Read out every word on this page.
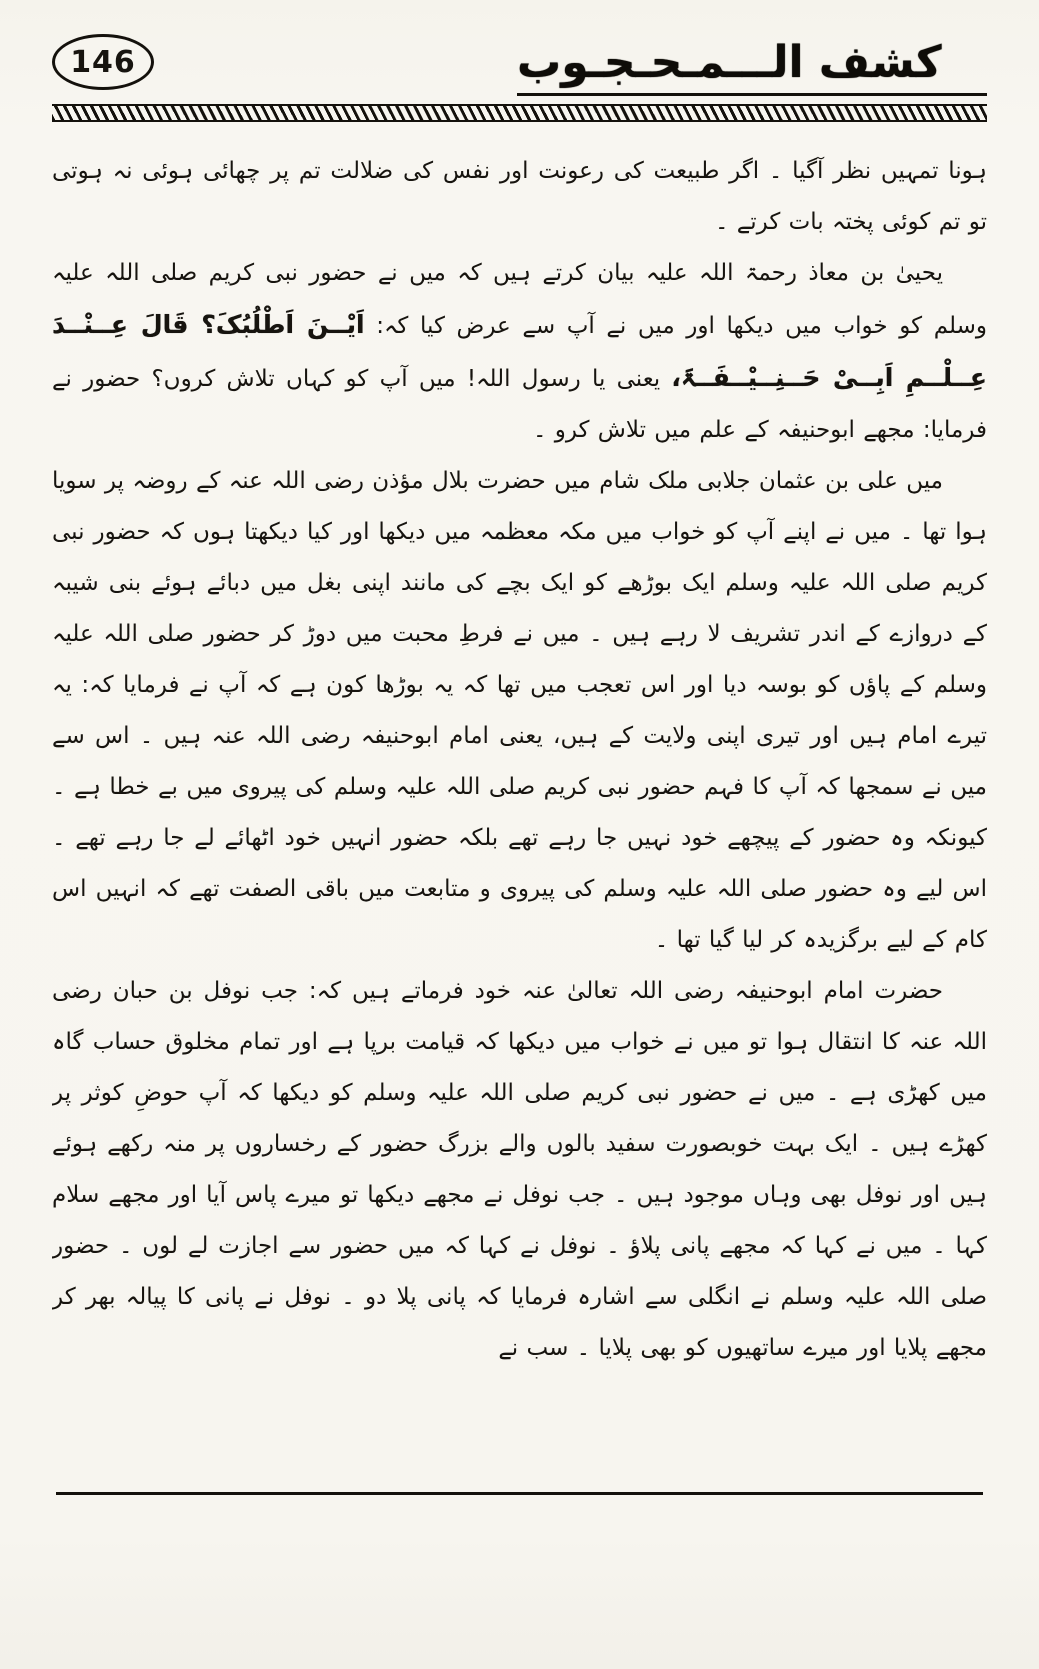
146	کشف الـــمـحـجـوب

ہونا تمہیں نظر آگیا ۔ اگر طبیعت کی رعونت اور نفس کی ضلالت تم پر چھائی ہوئی نہ ہوتی تو تم کوئی پختہ بات کرتے ۔

یحییٰ بن معاذ رحمۃ اللہ علیہ بیان کرتے ہیں کہ میں نے حضور نبی کریم صلی اللہ علیہ وسلم کو خواب میں دیکھا اور میں نے آپ سے عرض کیا کہ: اَیْــنَ اَطْلُبُکَ؟ قَالَ عِــنْــدَ عِــلْــمِ اَبِــیْ حَــنِــیْــفَــۃَ، یعنی یا رسول اللہ! میں آپ کو کہاں تلاش کروں؟ حضور نے فرمایا: مجھے ابوحنیفہ کے علم میں تلاش کرو ۔

میں علی بن عثمان جلابی ملک شام میں حضرت بلال مؤذن رضی اللہ عنہ کے روضہ پر سویا ہوا تھا ۔ میں نے اپنے آپ کو خواب میں مکہ معظمہ میں دیکھا اور کیا دیکھتا ہوں کہ حضور نبی کریم صلی اللہ علیہ وسلم ایک بوڑھے کو ایک بچے کی مانند اپنی بغل میں دبائے ہوئے بنی شیبہ کے دروازے کے اندر تشریف لا رہے ہیں ۔ میں نے فرطِ محبت میں دوڑ کر حضور صلی اللہ علیہ وسلم کے پاؤں کو بوسہ دیا اور اس تعجب میں تھا کہ یہ بوڑھا کون ہے کہ آپ نے فرمایا کہ: یہ تیرے امام ہیں اور تیری اپنی ولایت کے ہیں، یعنی امام ابوحنیفہ رضی اللہ عنہ ہیں ۔ اس سے میں نے سمجھا کہ آپ کا فہم حضور نبی کریم صلی اللہ علیہ وسلم کی پیروی میں بے خطا ہے ۔ کیونکہ وہ حضور کے پیچھے خود نہیں جا رہے تھے بلکہ حضور انہیں خود اٹھائے لے جا رہے تھے ۔ اس لیے وہ حضور صلی اللہ علیہ وسلم کی پیروی و متابعت میں باقی الصفت تھے کہ انہیں اس کام کے لیے برگزیدہ کر لیا گیا تھا ۔

حضرت امام ابوحنیفہ رضی اللہ تعالیٰ عنہ خود فرماتے ہیں کہ: جب نوفل بن حبان رضی اللہ عنہ کا انتقال ہوا تو میں نے خواب میں دیکھا کہ قیامت برپا ہے اور تمام مخلوق حساب گاہ میں کھڑی ہے ۔ میں نے حضور نبی کریم صلی اللہ علیہ وسلم کو دیکھا کہ آپ حوضِ کوثر پر کھڑے ہیں ۔ ایک بہت خوبصورت سفید بالوں والے بزرگ حضور کے رخساروں پر منہ رکھے ہوئے ہیں اور نوفل بھی وہاں موجود ہیں ۔ جب نوفل نے مجھے دیکھا تو میرے پاس آیا اور مجھے سلام کہا ۔ میں نے کہا کہ مجھے پانی پلاؤ ۔ نوفل نے کہا کہ میں حضور سے اجازت لے لوں ۔ حضور صلی اللہ علیہ وسلم نے انگلی سے اشارہ فرمایا کہ پانی پلا دو ۔ نوفل نے پانی کا پیالہ بھر کر مجھے پلایا اور میرے ساتھیوں کو بھی پلایا ۔ سب نے
